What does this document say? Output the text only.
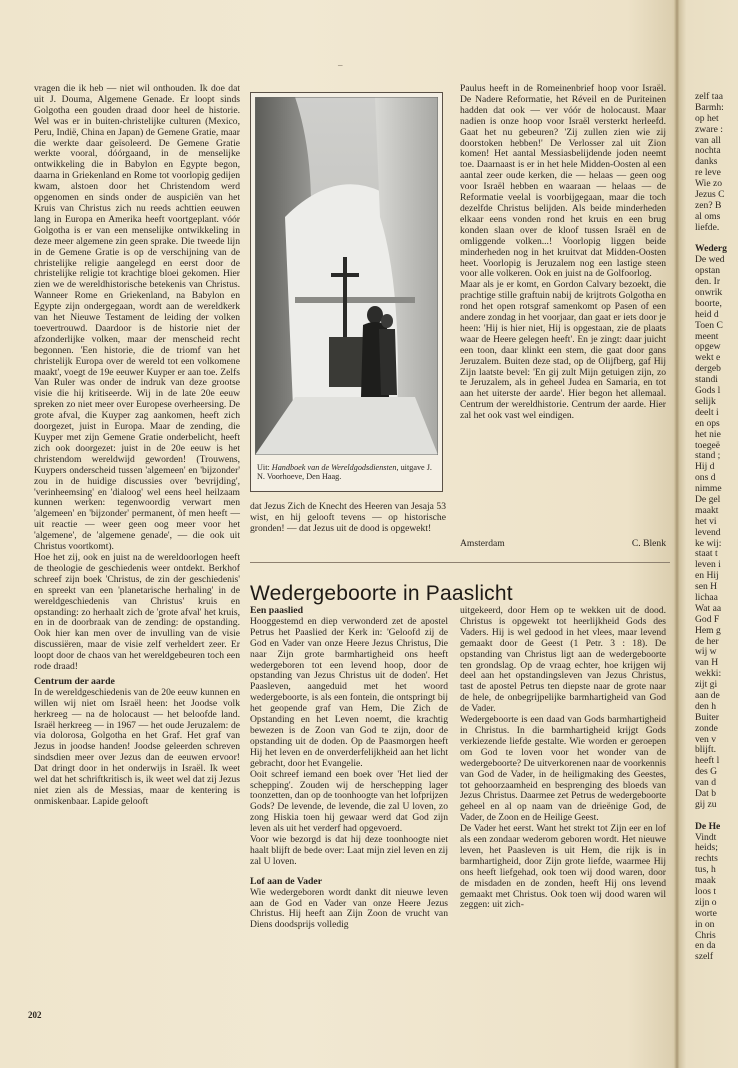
–

vragen die ik heb — niet wil onthouden. Ik doe dat uit J. Douma, Algemene Genade. Er loopt sinds Golgotha een gouden draad door heel de historie. Wel was er in buiten-christelijke culturen (Mexico, Peru, Indië, China en Japan) de Gemene Gratie, maar die werkte daar geïsoleerd. De Gemene Gratie werkte vooral, dóórgaand, in de menselijke ontwikkeling die in Babylon en Egypte begon, daarna in Griekenland en Rome tot voorlopig gedijen kwam, alstoen door het Christendom werd opgenomen en sinds onder de auspiciën van het Kruis van Christus zich nu reeds achttien eeuwen lang in Europa en Amerika heeft voortgeplant. vóór Golgotha is er van een menselijke ontwikkeling in deze meer algemene zin geen sprake. Die tweede lijn in de Gemene Gratie is op de verschijning van de christelijke religie aangelegd en eerst door de christelijke religie tot krachtige bloei gekomen. Hier zien we de wereldhistorische betekenis van Christus. Wanneer Rome en Griekenland, na Babylon en Egypte zijn ondergegaan, wordt aan de wereldkerk van het Nieuwe Testament de leiding der volken toevertrouwd. Daardoor is de historie niet der afzonderlijke volken, maar der menscheid recht begonnen. 'Een historie, die de triomf van het christelijk Europa over de wereld tot een volkomene maakt', voegt de 19e eeuwer Kuyper er aan toe. Zelfs Van Ruler was onder de indruk van deze grootse visie die hij kritiseerde. Wij in de late 20e eeuw spreken zo niet meer over Europese overheersing. De grote afval, die Kuyper zag aankomen, heeft zich doorgezet, juist in Europa. Maar de zending, die Kuyper met zijn Gemene Gratie onderbelicht, heeft zich ook doorgezet: juist in de 20e eeuw is het christendom wereldwijd geworden! (Trouwens, Kuypers onderscheid tussen 'algemeen' en 'bijzonder' zou in de huidige discussies over 'bevrijding', 'verinheemsing' en 'dialoog' wel eens heel heilzaam kunnen werken: tegenwoordig verwart men 'algemeen' en 'bijzonder' permanent, òf men heeft — uit reactie — weer geen oog meer voor het 'algemene', de 'algemene genade', — die ook uit Christus voortkomt).

Hoe het zij, ook en juist na de wereldoorlogen heeft de theologie de geschiedenis weer ontdekt. Berkhof schreef zijn boek 'Christus, de zin der geschiedenis' en spreekt van een 'planetarische herhaling' in de wereldgeschiedenis van Christus' kruis en opstanding: zo herhaalt zich de 'grote afval' het kruis, en in de doorbraak van de zending: de opstanding. Ook hier kan men over de invulling van de visie discussiëren, maar de visie zelf verheldert zeer. Er loopt door de chaos van het wereldgebeuren toch een rode draad!

Centrum der aarde

In de wereldgeschiedenis van de 20e eeuw kunnen en willen wij niet om Israël heen: het Joodse volk herkreeg — na de holocaust — het beloofde land. Israël herkreeg — in 1967 — het oude Jeruzalem: de via dolorosa, Golgotha en het Graf. Het graf van Jezus in joodse handen! Joodse geleerden schreven sindsdien meer over Jezus dan de eeuwen ervoor! Dat dringt door in het onderwijs in Israël. Ik weet wel dat het schriftkritisch is, ik weet wel dat zij Jezus niet zien als de Messias, maar de kentering is onmiskenbaar. Lapide gelooft

Uit: Handboek van de Wereldgodsdiensten, uitgave J. N. Voorhoeve, Den Haag.

dat Jezus Zich de Knecht des Heeren van Jesaja 53 wist, en hij gelooft tevens — op historische gronden! — dat Jezus uit de dood is opgewekt!

Paulus heeft in de Romeinenbrief hoop voor Israël. De Nadere Reformatie, het Réveil en de Puriteinen hadden dat ook — ver vóór de holocaust. Maar nadien is onze hoop voor Israël versterkt herleefd. Gaat het nu gebeuren? 'Zij zullen zien wie zij doorstoken hebben!' De Verlosser zal uit Zion komen! Het aantal Messiasbelijdende joden neemt toe. Daarnaast is er in het hele Midden-Oosten al een aantal zeer oude kerken, die — helaas — geen oog voor Israël hebben en waaraan — helaas — de Reformatie veelal is voorbijgegaan, maar die toch dezelfde Christus belijden. Als beide minderheden elkaar eens vonden rond het kruis en een brug konden slaan over de kloof tussen Israël en de omliggende volken...! Voorlopig liggen beide minderheden nog in het kruitvat dat Midden-Oosten heet. Voorlopig is Jeruzalem nog een lastige steen voor alle volkeren. Ook en juist na de Golfoorlog.

Maar als je er komt, en Gordon Calvary bezoekt, die prachtige stille graftuin nabij de krijtrots Golgotha en rond het open rotsgraf samenkomt op Pasen of een andere zondag in het voorjaar, dan gaat er iets door je heen: 'Hij is hier niet, Hij is opgestaan, zie de plaats waar de Heere gelegen heeft'. En je zingt: daar juicht een toon, daar klinkt een stem, die gaat door gans Jeruzalem. Buiten deze stad, op de Olijfberg, gaf Hij Zijn laatste bevel: 'En gij zult Mijn getuigen zijn, zo te Jeruzalem, als in geheel Judea en Samaria, en tot aan het uiterste der aarde'. Hier begon het allemaal. Centrum der wereldhistorie. Centrum der aarde. Hier zal het ook vast wel eindigen.

Amsterdam	C. Blenk
Wedergeboorte in Paaslicht
Een paaslied

Hooggestemd en diep verwonderd zet de apostel Petrus het Paaslied der Kerk in: 'Geloofd zij de God en Vader van onze Heere Jezus Christus, Die naar Zijn grote barmhartigheid ons heeft wedergeboren tot een levend hoop, door de opstanding van Jezus Christus uit de doden'. Het Paasleven, aangeduid met het woord wedergeboorte, is als een fontein, die ontspringt bij het geopende graf van Hem, Die Zich de Opstanding en het Leven noemt, die krachtig bewezen is de Zoon van God te zijn, door de opstanding uit de doden. Op de Paasmorgen heeft Hij het leven en de onverderfelijkheid aan het licht gebracht, door het Evangelie.

Ooit schreef iemand een boek over 'Het lied der schepping'. Zouden wij de herschepping lager toonzetten, dan op de toonhoogte van het lofprijzen Gods? De levende, de levende, die zal U loven, zo zong Hiskia toen hij gewaar werd dat God zijn leven als uit het verderf had opgevoerd.

Voor wie bezorgd is dat hij deze toonhoogte niet haalt blijft de bede over: Laat mijn ziel leven en zij zal U loven.

Lof aan de Vader

Wie wedergeboren wordt dankt dit nieuwe leven aan de God en Vader van onze Heere Jezus Christus. Hij heeft aan Zijn Zoon de vrucht van Diens doodsprijs volledig

uitgekeerd, door Hem op te wekken uit de dood. Christus is opgewekt tot heerlijkheid Gods des Vaders. Hij is wel gedood in het vlees, maar levend gemaakt door de Geest (1 Petr. 3 : 18). De opstanding van Christus ligt aan de wedergeboorte ten grondslag. Op de vraag echter, hoe krijgen wij deel aan het opstandingsleven van Jezus Christus, tast de apostel Petrus ten diepste naar de grote naar de hele, de onbegrijpelijke barmhartigheid van God de Vader.

Wedergeboorte is een daad van Gods barmhartigheid in Christus. In die barmhartigheid krijgt Gods verkiezende liefde gestalte. Wie worden er geroepen om God te loven voor het wonder van de wedergeboorte? De uitverkorenen naar de voorkennis van God de Vader, in de heiligmaking des Geestes, tot gehoorzaamheid en besprenging des bloeds van Jezus Christus. Daarmee zet Petrus de wedergeboorte geheel en al op naam van de drieënige God, de Vader, de Zoon en de Heilige Geest.

De Vader het eerst. Want het strekt tot Zijn eer en lof als een zondaar wederom geboren wordt. Het nieuwe leven, het Paasleven is uit Hem, die rijk is in barmhartigheid, door Zijn grote liefde, waarmee Hij ons heeft liefgehad, ook toen wij dood waren, door de misdaden en de zonden, heeft Hij ons levend gemaakt met Christus. Ook toen wij dood waren wil zeggen: uit zich-

zelf taa
Barmh:
op het
zware :
van all
nochta
danks
re leve
Wie zo
Jezus C
zen? B
al oms
liefde.
Wederg
De wed
opstan
den. Ir
onwrik
boorte,
heid d
Toen C
meent
opgew
wekt e
dergeb
standi
Gods l
selijk
deelt i
en ops
het nie
toegeë
stand ;
Hij d
ons d
nimme
De gel
maakt
het vi
levend
ke wij:
staat t
leven i
en Hij
sen H
lichaa
Wat aa
God F
Hem g
de her
wij w
van H
wekki:
zijt gi
aan de
den h
Buiter
zonde
ven v
blijft.
heeft l
des G
van d
Dat b
gij zu
De He
Vindt
heids;
rechts
tus, h
maak
loos t
zijn o
worte
in on
Chris
en da
szelf
202
